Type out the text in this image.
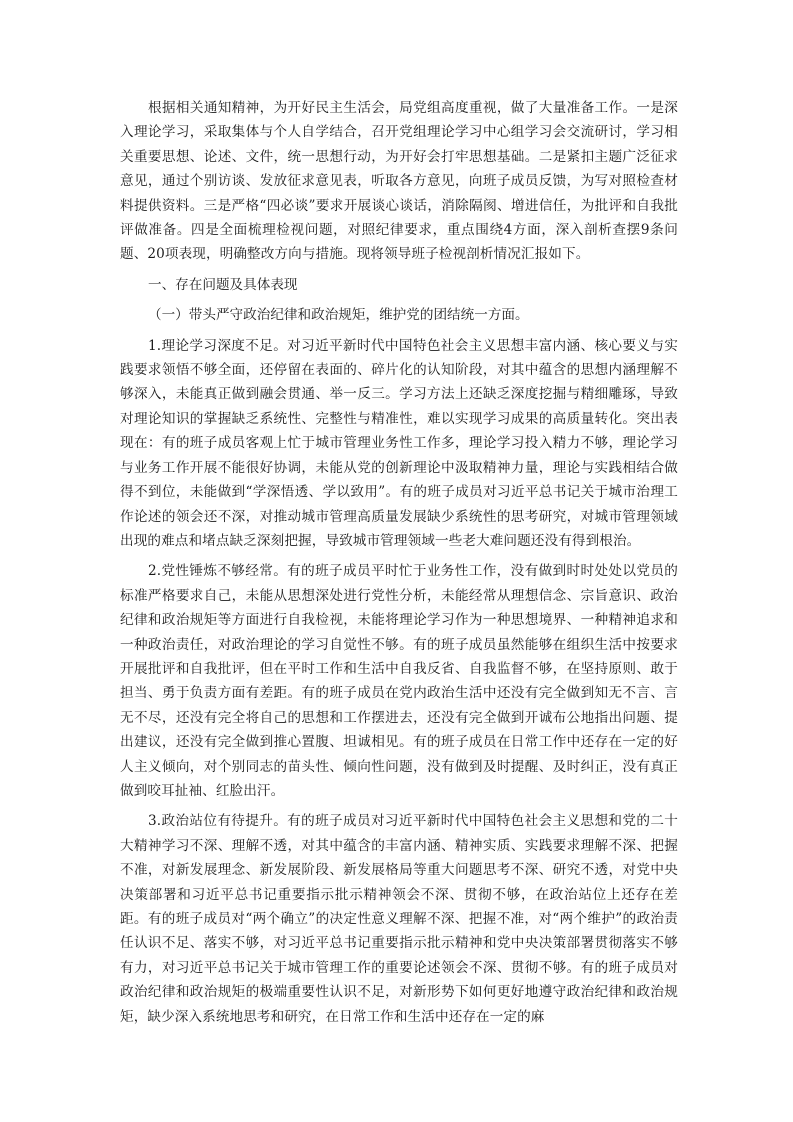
根据相关通知精神，为开好民主生活会，局党组高度重视，做了大量准备工作。一是深入理论学习，采取集体与个人自学结合，召开党组理论学习中心组学习会交流研讨，学习相关重要思想、论述、文件，统一思想行动，为开好会打牢思想基础。二是紧扣主题广泛征求意见，通过个别访谈、发放征求意见表，听取各方意见，向班子成员反馈，为写对照检查材料提供资料。三是严格“四必谈”要求开展谈心谈话，消除隔阂、增进信任，为批评和自我批评做准备。四是全面梳理检视问题，对照纪律要求，重点围绕4方面，深入剖析查摆9条问题、20项表现，明确整改方向与措施。现将领导班子检视剖析情况汇报如下。

一、存在问题及具体表现

（一）带头严守政治纪律和政治规矩，维护党的团结统一方面。

1.理论学习深度不足。对习近平新时代中国特色社会主义思想丰富内涵、核心要义与实践要求领悟不够全面，还停留在表面的、碎片化的认知阶段，对其中蕴含的思想内涵理解不够深入，未能真正做到融会贯通、举一反三。学习方法上还缺乏深度挖掘与精细雕琢，导致对理论知识的掌握缺乏系统性、完整性与精准性，难以实现学习成果的高质量转化。突出表现在：有的班子成员客观上忙于城市管理业务性工作多，理论学习投入精力不够，理论学习与业务工作开展不能很好协调，未能从党的创新理论中汲取精神力量，理论与实践相结合做得不到位，未能做到“学深悟透、学以致用”。有的班子成员对习近平总书记关于城市治理工作论述的领会还不深，对推动城市管理高质量发展缺少系统性的思考研究，对城市管理领域出现的难点和堵点缺乏深刻把握，导致城市管理领域一些老大难问题还没有得到根治。

2.党性锤炼不够经常。有的班子成员平时忙于业务性工作，没有做到时时处处以党员的标准严格要求自己，未能从思想深处进行党性分析，未能经常从理想信念、宗旨意识、政治纪律和政治规矩等方面进行自我检视，未能将理论学习作为一种思想境界、一种精神追求和一种政治责任，对政治理论的学习自觉性不够。有的班子成员虽然能够在组织生活中按要求开展批评和自我批评，但在平时工作和生活中自我反省、自我监督不够，在坚持原则、敢于担当、勇于负责方面有差距。有的班子成员在党内政治生活中还没有完全做到知无不言、言无不尽，还没有完全将自己的思想和工作摆进去，还没有完全做到开诚布公地指出问题、提出建议，还没有完全做到推心置腹、坦诚相见。有的班子成员在日常工作中还存在一定的好人主义倾向，对个别同志的苗头性、倾向性问题，没有做到及时提醒、及时纠正，没有真正做到咬耳扯袖、红脸出汗。

3.政治站位有待提升。有的班子成员对习近平新时代中国特色社会主义思想和党的二十大精神学习不深、理解不透，对其中蕴含的丰富内涵、精神实质、实践要求理解不深、把握不准，对新发展理念、新发展阶段、新发展格局等重大问题思考不深、研究不透，对党中央决策部署和习近平总书记重要指示批示精神领会不深、贯彻不够，在政治站位上还存在差距。有的班子成员对“两个确立”的决定性意义理解不深、把握不准，对“两个维护”的政治责任认识不足、落实不够，对习近平总书记重要指示批示精神和党中央决策部署贯彻落实不够有力，对习近平总书记关于城市管理工作的重要论述领会不深、贯彻不够。有的班子成员对政治纪律和政治规矩的极端重要性认识不足，对新形势下如何更好地遵守政治纪律和政治规矩，缺少深入系统地思考和研究，在日常工作和生活中还存在一定的麻
